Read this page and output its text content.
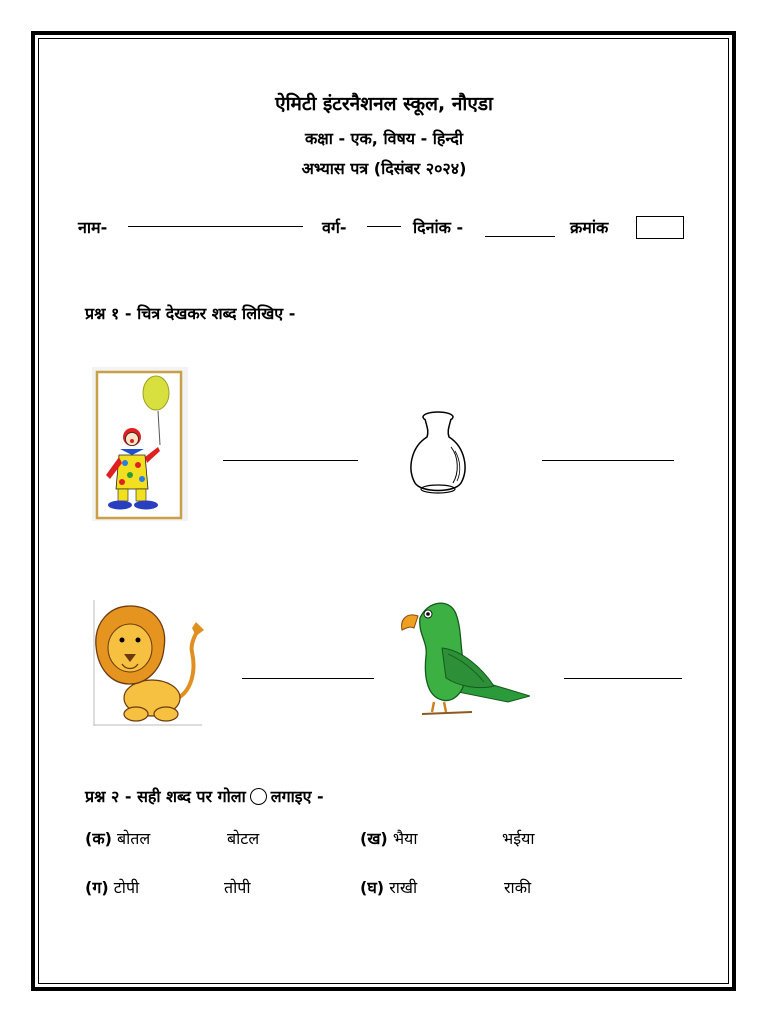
ऐमिटी इंटरनैशनल स्कूल, नौएडा
कक्षा - एक, विषय - हिन्दी
अभ्यास पत्र (दिसंबर २०२४)
नाम-	वर्ग-	दिनांक -	क्रमांक
प्रश्न १ - चित्र देखकर शब्द लिखिए -
प्रश्न २ - सही शब्द पर गोला लगाइए -
(क) बोतल	बोटल	(ख) भैया	भईया
(ग) टोपी	तोपी	(घ) राखी	राकी
